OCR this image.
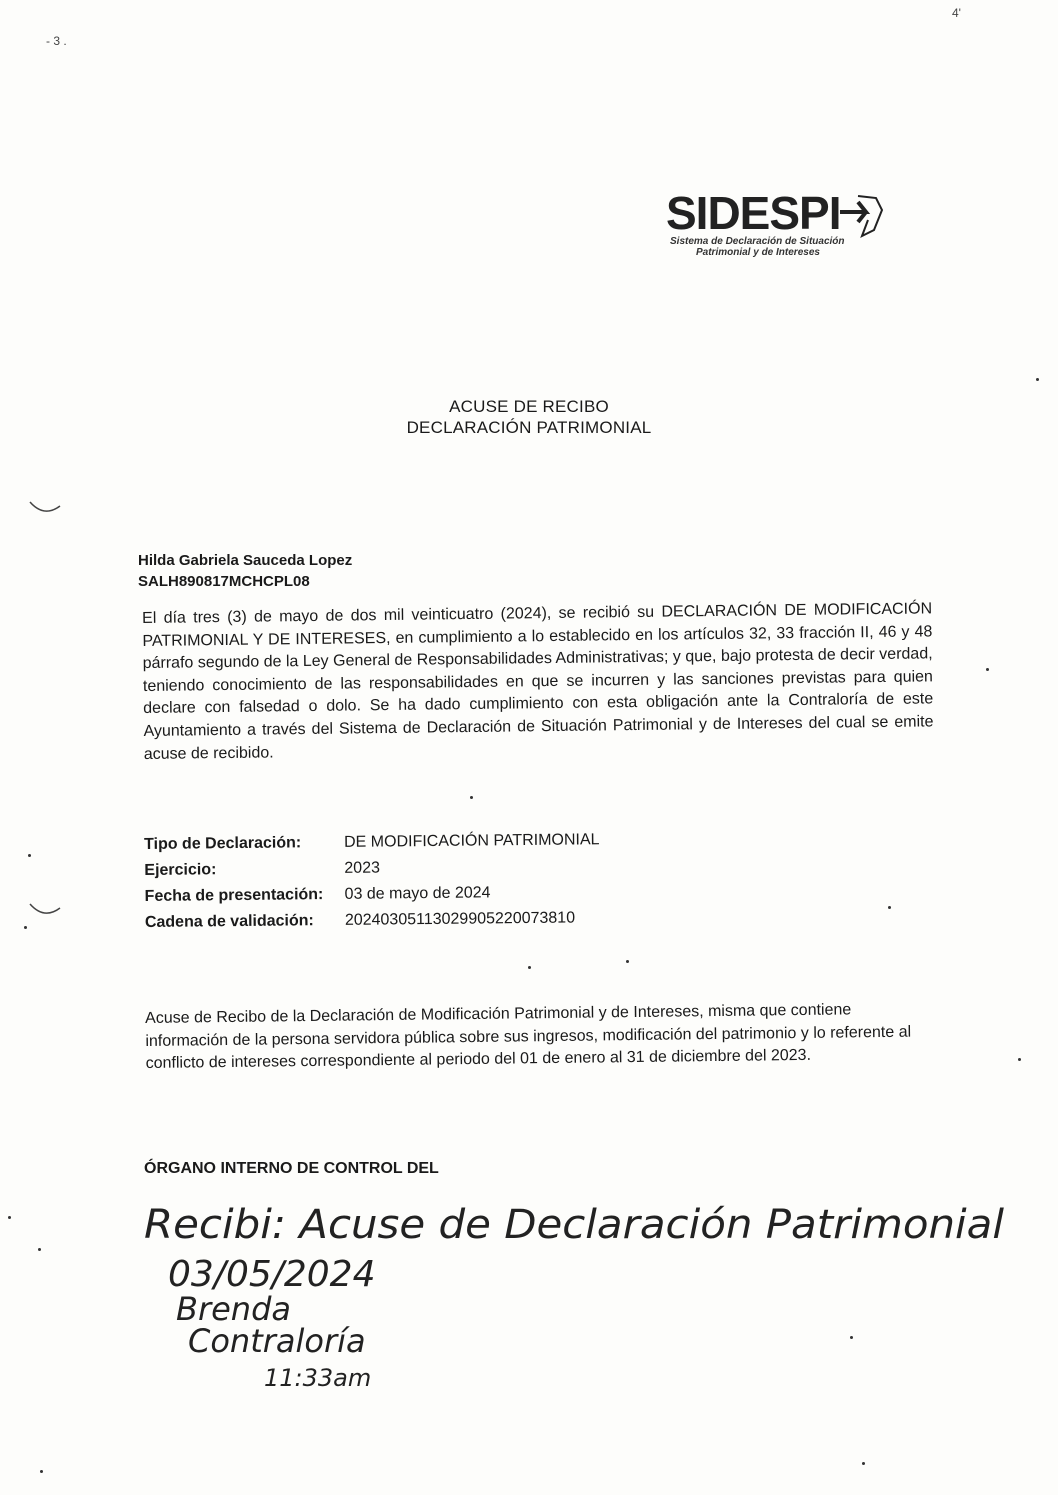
4'
- 3 .
SIDESPI
Sistema de Declaración de Situación
Patrimonial y de Intereses
ACUSE DE RECIBO
DECLARACIÓN PATRIMONIAL
Hilda Gabriela Sauceda Lopez
SALH890817MCHCPL08
El día tres (3) de mayo de dos mil veinticuatro (2024), se recibió su DECLARACIÓN DE MODIFICACIÓN PATRIMONIAL Y DE INTERESES, en cumplimiento a lo establecido en los artículos 32, 33 fracción II, 46 y 48 párrafo segundo de la Ley General de Responsabilidades Administrativas; y que, bajo protesta de decir verdad, teniendo conocimiento de las responsabilidades en que se incurren y las sanciones previstas para quien declare con falsedad o dolo. Se ha dado cumplimiento con esta obligación ante la Contraloría de este Ayuntamiento a través del Sistema de Declaración de Situación Patrimonial y de Intereses del cual se emite acuse de recibido.
Tipo de Declaración:	DE MODIFICACIÓN PATRIMONIAL
Ejercicio:	2023
Fecha de presentación:	03 de mayo de 2024
Cadena de validación:	20240305113029905220073810
Acuse de Recibo de la Declaración de Modificación Patrimonial y de Intereses, misma que contiene información de la persona servidora pública sobre sus ingresos, modificación del patrimonio y lo referente al conflicto de intereses correspondiente al periodo del 01 de enero al 31 de diciembre del 2023.
ÓRGANO INTERNO DE CONTROL DEL
Recibi: Acuse de Declaración Patrimonial
03/05/2024
Brenda
Contraloría
11:33am
